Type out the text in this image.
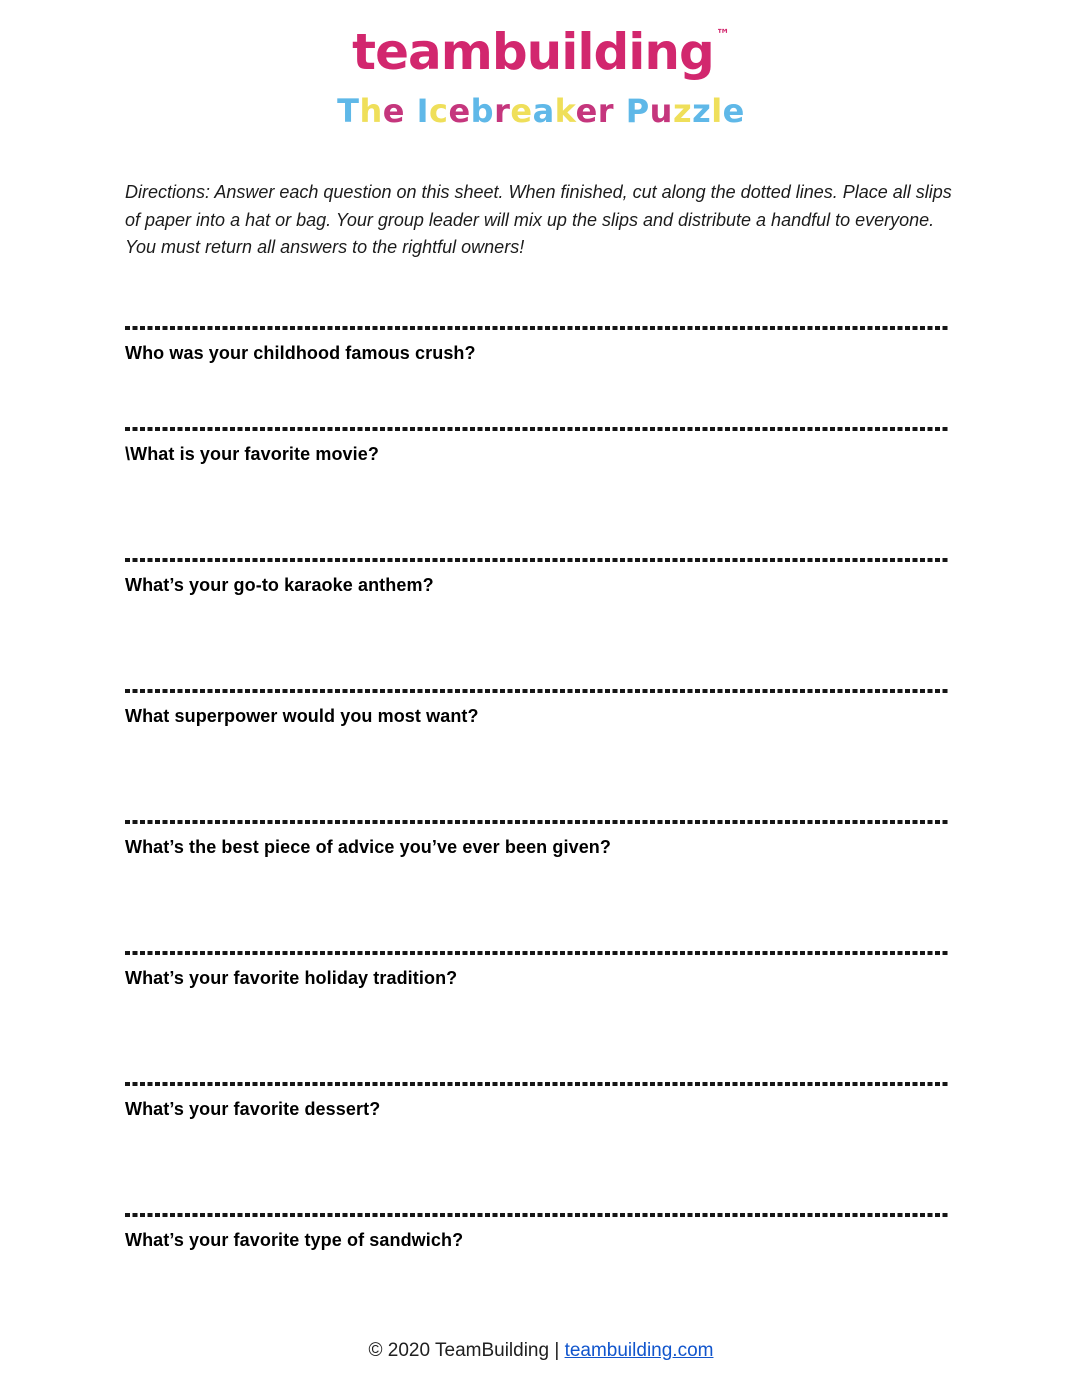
teambuilding ™
The Icebreaker Puzzle

Directions: Answer each question on this sheet. When finished, cut along the dotted lines. Place all slips of paper into a hat or bag. Your group leader will mix up the slips and distribute a handful to everyone. You must return all answers to the rightful owners!

Who was your childhood famous crush?

\What is your favorite movie?

What’s your go-to karaoke anthem?

What superpower would you most want?

What’s the best piece of advice you’ve ever been given?

What’s your favorite holiday tradition?

What’s your favorite dessert?

What’s your favorite type of sandwich?

© 2020 TeamBuilding | teambuilding.com
